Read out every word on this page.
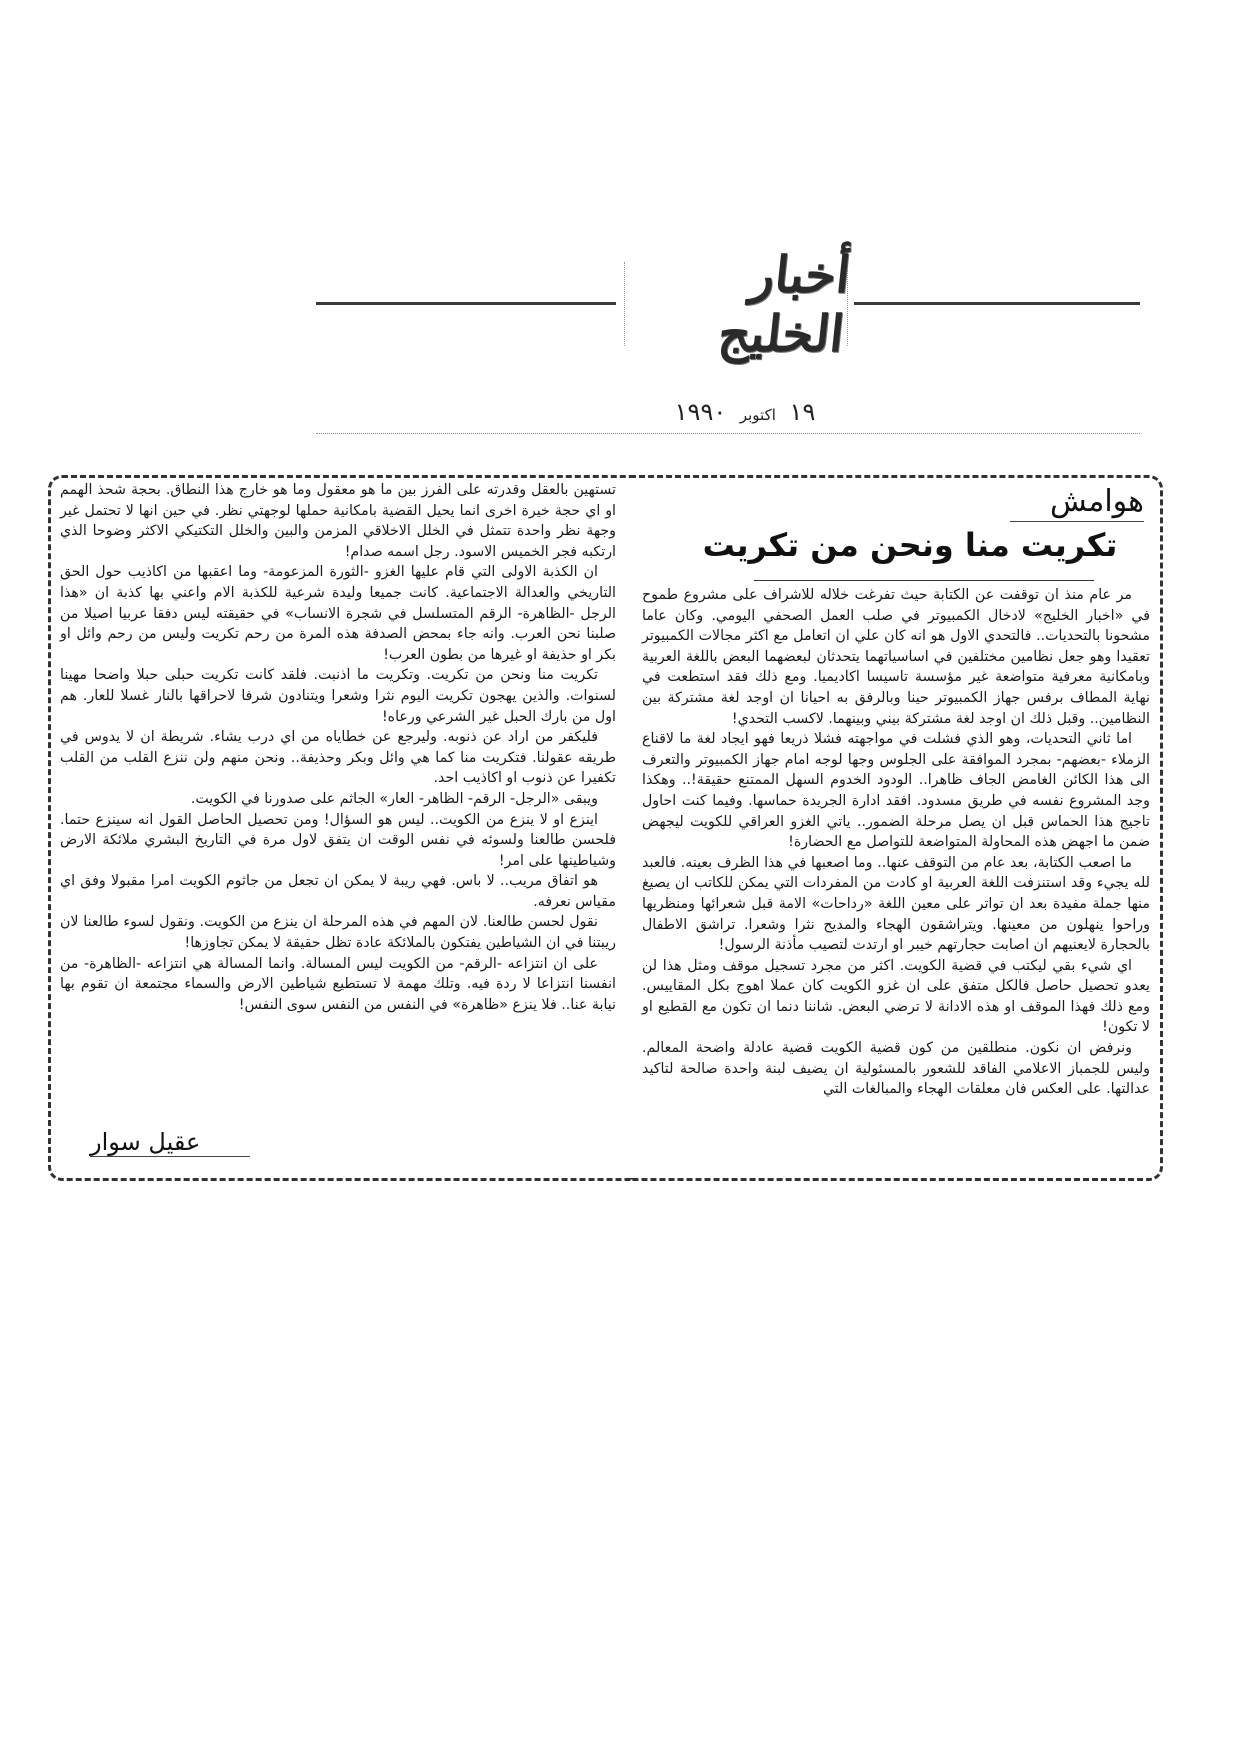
أخبار الخليج
١٩ اكتوبر ١٩٩٠
هوامش
تكريت منا ونحن من تكريت

مر عام منذ ان توقفت عن الكتابة حيث تفرغت خلاله للاشراف على مشروع طموح في «اخبار الخليج» لادخال الكمبيوتر في صلب العمل الصحفي اليومي. وكان عاما مشحونا بالتحديات.. فالتحدي الاول هو انه كان علي ان اتعامل مع اكثر مجالات الكمبيوتر تعقيدا وهو جعل نظامين مختلفين في اساسياتهما يتحدثان لبعضهما البعض باللغة العربية وبامكانية معرفية متواضعة غير مؤسسة تاسيسا اكاديميا. ومع ذلك فقد استطعت في نهاية المطاف برفس جهاز الكمبيوتر حينا وبالرفق به احيانا ان اوجد لغة مشتركة بين النظامين.. وقبل ذلك ان اوجد لغة مشتركة بيني وبينهما. لاكسب التحدي!

اما ثاني التحديات، وهو الذي فشلت في مواجهته فشلا ذريعا فهو ايجاد لغة ما لاقناع الزملاء -بعضهم- بمجرد الموافقة على الجلوس وجها لوجه امام جهاز الكمبيوتر والتعرف الى هذا الكائن الغامض الجاف ظاهرا.. الودود الخدوم السهل الممتنع حقيقة!.. وهكذا وجد المشروع نفسه في طريق مسدود. افقد ادارة الجريدة حماسها. وفيما كنت احاول تاجيج هذا الحماس قبل ان يصل مرحلة الضمور.. ياتي الغزو العراقي للكويت ليجهض ضمن ما اجهض هذه المحاولة المتواضعة للتواصل مع الحضارة!

ما اصعب الكتابة، بعد عام من التوقف عنها.. وما اصعبها في هذا الظرف بعينه. فالعبد لله يجيء وقد استنزفت اللغة العربية او كادت من المفردات التي يمكن للكاتب ان يصيغ منها جملة مفيدة بعد ان تواتر على معين اللغة «رداحات» الامة قبل شعرائها ومنظريها وراحوا ينهلون من معينها. ويتراشقون الهجاء والمديح نثرا وشعرا. تراشق الاطفال بالحجارة لايعنيهم ان اصابت حجارتهم خيبر او ارتدت لتصيب مأذنة الرسول!

اي شيء بقي ليكتب في قضية الكويت. اكثر من مجرد تسجيل موقف ومثل هذا لن يعدو تحصيل حاصل فالكل متفق على ان غزو الكويت كان عملا اهوج بكل المقاييس. ومع ذلك فهذا الموقف او هذه الادانة لا ترضي البعض. شاننا دنما ان تكون مع القطيع او لا تكون!

ونرفض ان نكون. منطلقين من كون قضية الكويت قضية عادلة واضحة المعالم. وليس للجمباز الاعلامي الفاقد للشعور بالمسئولية ان يضيف لبنة واحدة صالحة لتاكيد عدالتها. على العكس فان معلقات الهجاء والمبالغات التي

تستهين بالعقل وقدرته على الفرز بين ما هو معقول وما هو خارج هذا النطاق. بحجة شحذ الهمم او اي حجة خيرة اخرى انما يحيل القضية بامكانية حملها لوجهتي نظر. في حين انها لا تحتمل غير وجهة نظر واحدة تتمثل في الخلل الاخلاقي المزمن والبين والخلل التكتيكي الاكثر وضوحا الذي ارتكبه فجر الخميس الاسود. رجل اسمه صدام!

ان الكذبة الاولى التي قام عليها الغزو -الثورة المزعومة- وما اعقبها من اكاذيب حول الحق التاريخي والعدالة الاجتماعية. كانت جميعا وليدة شرعية للكذبة الام واعني بها كذبة ان «هذا الرجل -الظاهرة- الرقم المتسلسل في شجرة الانساب» في حقيقته ليس دفقا عربيا اصيلا من صلبنا نحن العرب. وانه جاء بمحض الصدفة هذه المرة من رحم تكريت وليس من رحم وائل او بكر او حذيفة او غيرها من بطون العرب!

تكريت منا ونحن من تكريت. وتكريت ما اذنبت. فلقد كانت تكريت حبلى حبلا واضحا مهينا لسنوات. والذين يهجون تكريت اليوم نثرا وشعرا ويتنادون شرفا لاحراقها بالنار غسلا للعار. هم اول من بارك الحبل غير الشرعي ورعاه!

فليكفر من اراد عن ذنوبه. وليرجع عن خطاياه من اي درب يشاء. شريطة ان لا يدوس في طريقه عقولنا. فتكريت منا كما هي وائل وبكر وحذيفة.. ونحن منهم ولن ننزع القلب من القلب تكفيرا عن ذنوب او اكاذيب احد.

ويبقى «الرجل- الرقم- الظاهر- العار» الجاثم على صدورنا في الكويت.

اينزع او لا ينزع من الكويت.. ليس هو السؤال! ومن تحصيل الحاصل القول انه سينزع حتما. فلحسن طالعنا ولسوئه في نفس الوقت ان يتفق لاول مرة في التاريخ البشري ملائكة الارض وشياطينها على امر!

هو اتفاق مريب.. لا باس. فهي ريبة لا يمكن ان تجعل من جاثوم الكويت امرا مقبولا وفق اي مقياس نعرفه.

نقول لحسن طالعنا. لان المهم في هذه المرحلة ان ينزع من الكويت. ونقول لسوء طالعنا لان ريبتنا في ان الشياطين يفتكون بالملائكة عادة تظل حقيقة لا يمكن تجاوزها!

على ان انتزاعه -الرقم- من الكويت ليس المسالة. وانما المسالة هي انتزاعه -الظاهرة- من انفسنا انتزاعا لا ردة فيه. وتلك مهمة لا تستطيع شياطين الارض والسماء مجتمعة ان تقوم بها نيابة عنا.. فلا ينزع «ظاهرة» في النفس من النفس سوى النفس!

عقيل سوار
